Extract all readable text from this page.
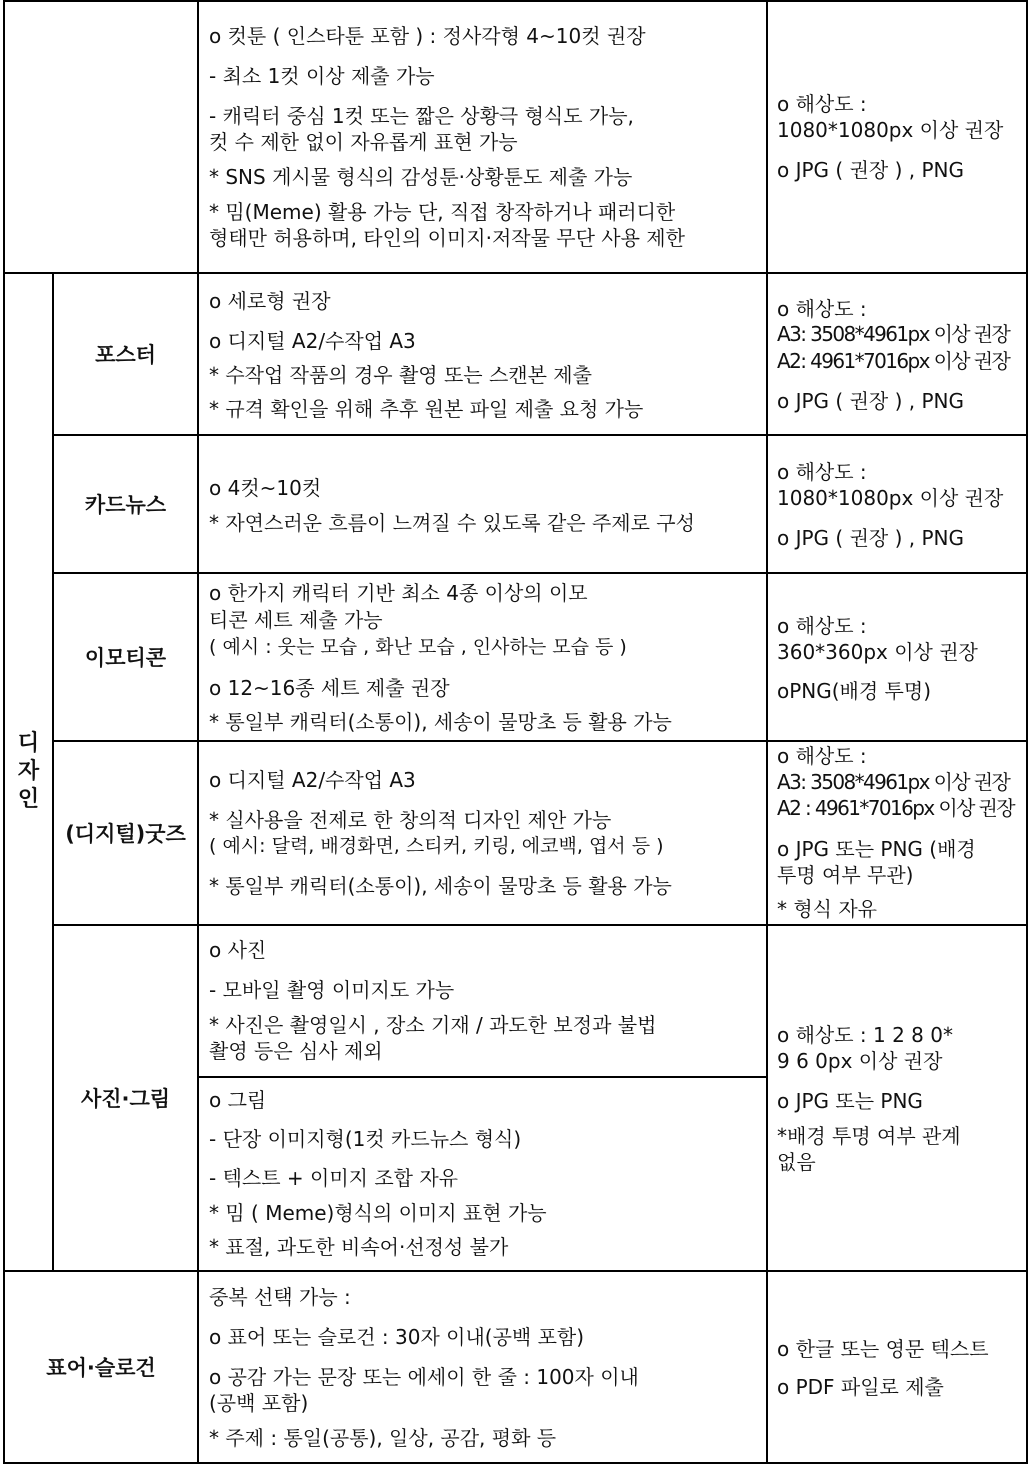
디
자
인
포스터
카드뉴스
이모티콘
(디지털)굿즈
사진·그림
표어·슬로건
o 컷툰 ( 인스타툰 포함 ) : 정사각형 4~10컷 권장
- 최소 1컷 이상 제출 가능
- 캐릭터 중심 1컷 또는 짧은 상황극 형식도 가능,
컷 수 제한 없이 자유롭게 표현 가능
* SNS 게시물 형식의 감성툰·상황툰도 제출 가능
* 밈(Meme) 활용 가능 단, 직접 창작하거나 패러디한
형태만 허용하며, 타인의 이미지·저작물 무단 사용 제한
o 해상도 :
1080*1080px 이상 권장
o JPG ( 권장 ) , PNG
o 세로형 권장
o 디지털 A2/수작업 A3
* 수작업 작품의 경우 촬영 또는 스캔본 제출
* 규격 확인을 위해 추후 원본 파일 제출 요청 가능
o 해상도 :
A3: 3508*4961px 이상 권장
A2: 4961*7016px 이상 권장
o JPG ( 권장 ) , PNG
o 4컷~10컷
* 자연스러운 흐름이 느껴질 수 있도록 같은 주제로 구성
o 해상도 :
1080*1080px 이상 권장
o JPG ( 권장 ) , PNG
o 한가지 캐릭터 기반 최소 4종 이상의 이모
티콘 세트 제출 가능
( 예시 : 웃는 모습 , 화난 모습 , 인사하는 모습 등 )
o 12~16종 세트 제출 권장
* 통일부 캐릭터(소통이), 세송이 물망초 등 활용 가능
o 해상도 :
360*360px 이상 권장
oPNG(배경 투명)
o 디지털 A2/수작업 A3
* 실사용을 전제로 한 창의적 디자인 제안 가능
( 예시: 달력, 배경화면, 스티커, 키링, 에코백, 엽서 등 )
* 통일부 캐릭터(소통이), 세송이 물망초 등 활용 가능
o 해상도 :
A3: 3508*4961px 이상 권장
A2 : 4961*7016px 이상 권장
o JPG 또는 PNG (배경
투명 여부 무관)
* 형식 자유
o 사진
- 모바일 촬영 이미지도 가능
* 사진은 촬영일시 , 장소 기재 / 과도한 보정과 불법
촬영 등은 심사 제외
o 그림
- 단장 이미지형(1컷 카드뉴스 형식)
- 텍스트 + 이미지 조합 자유
* 밈 ( Meme)형식의 이미지 표현 가능
* 표절, 과도한 비속어·선정성 불가
o 해상도 : 1 2 8 0*
9 6 0px 이상 권장
o JPG 또는 PNG
*배경 투명 여부 관계
없음
중복 선택 가능 :
o 표어 또는 슬로건 : 30자 이내(공백 포함)
o 공감 가는 문장 또는 에세이 한 줄 : 100자 이내
(공백 포함)
* 주제 : 통일(공통), 일상, 공감, 평화 등
o 한글 또는 영문 텍스트
o PDF 파일로 제출
